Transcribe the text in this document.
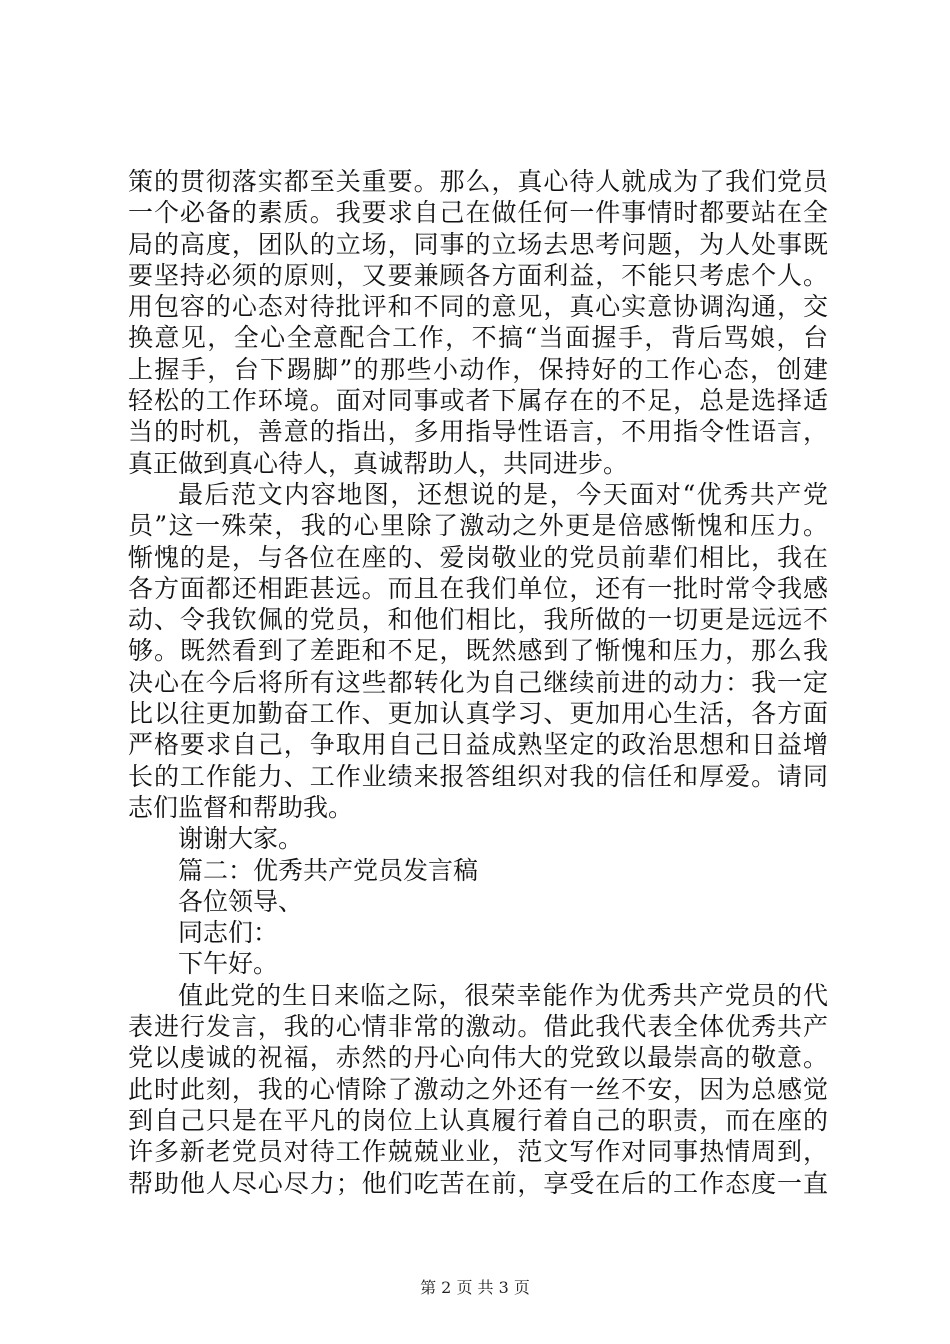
策的贯彻落实都至关重要。那么，真心待人就成为了我们党员
一个必备的素质。我要求自己在做任何一件事情时都要站在全
局的高度，团队的立场，同事的立场去思考问题，为人处事既
要坚持必须的原则，又要兼顾各方面利益，不能只考虑个人。
用包容的心态对待批评和不同的意见，真心实意协调沟通，交
换意见，全心全意配合工作，不搞“当面握手，背后骂娘，台
上握手，台下踢脚”的那些小动作，保持好的工作心态，创建
轻松的工作环境。面对同事或者下属存在的不足，总是选择适
当的时机，善意的指出，多用指导性语言，不用指令性语言，
真正做到真心待人，真诚帮助人，共同进步。
最后范文内容地图，还想说的是，今天面对“优秀共产党
员”这一殊荣，我的心里除了激动之外更是倍感惭愧和压力。
惭愧的是，与各位在座的、爱岗敬业的党员前辈们相比，我在
各方面都还相距甚远。而且在我们单位，还有一批时常令我感
动、令我钦佩的党员，和他们相比，我所做的一切更是远远不
够。既然看到了差距和不足，既然感到了惭愧和压力，那么我
决心在今后将所有这些都转化为自己继续前进的动力：我一定
比以往更加勤奋工作、更加认真学习、更加用心生活，各方面
严格要求自己，争取用自己日益成熟坚定的政治思想和日益增
长的工作能力、工作业绩来报答组织对我的信任和厚爱。请同
志们监督和帮助我。
谢谢大家。
篇二：优秀共产党员发言稿
各位领导、
同志们：
下午好。
值此党的生日来临之际，很荣幸能作为优秀共产党员的代
表进行发言，我的心情非常的激动。借此我代表全体优秀共产
党以虔诚的祝福，赤然的丹心向伟大的党致以最崇高的敬意。
此时此刻，我的心情除了激动之外还有一丝不安，因为总感觉
到自己只是在平凡的岗位上认真履行着自己的职责，而在座的
许多新老党员对待工作兢兢业业，范文写作对同事热情周到，
帮助他人尽心尽力；他们吃苦在前，享受在后的工作态度一直
第 2 页 共 3 页
